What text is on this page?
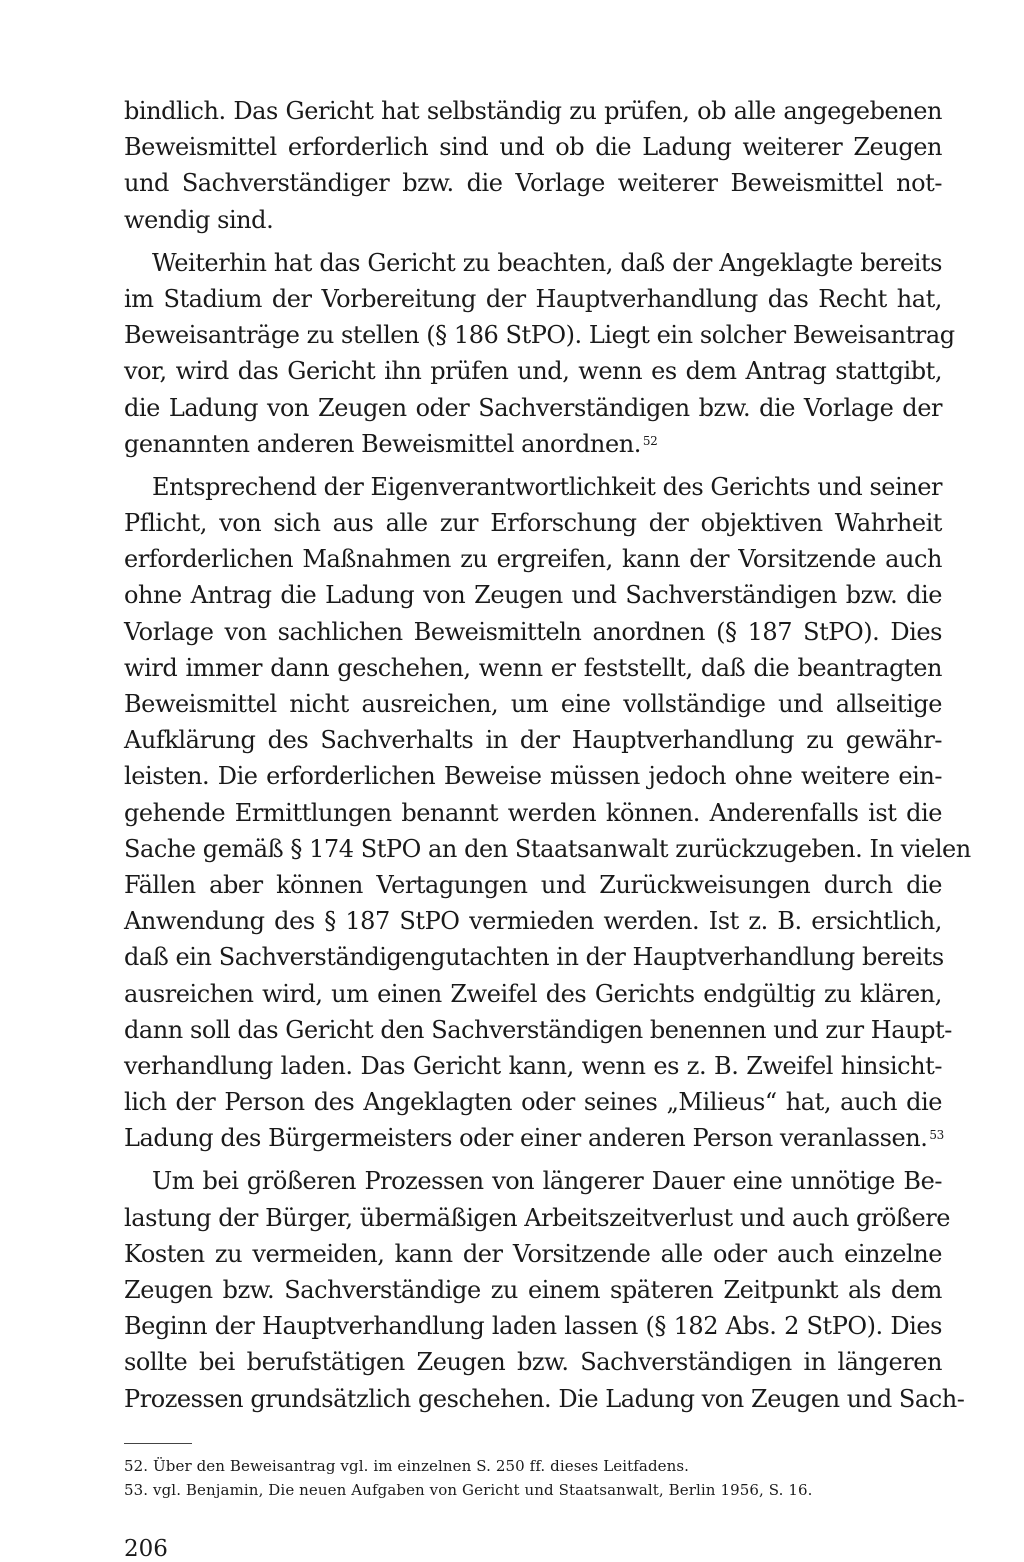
bindlich. Das Gericht hat selbständig zu prüfen, ob alle angegebenen
Beweismittel erforderlich sind und ob die Ladung weiterer Zeugen
und Sachverständiger bzw. die Vorlage weiterer Beweismittel not-
wendig sind.
Weiterhin hat das Gericht zu beachten, daß der Angeklagte bereits
im Stadium der Vorbereitung der Hauptverhandlung das Recht hat,
Beweisanträge zu stellen (§ 186 StPO). Liegt ein solcher Beweisantrag
vor, wird das Gericht ihn prüfen und, wenn es dem Antrag stattgibt,
die Ladung von Zeugen oder Sachverständigen bzw. die Vorlage der
genannten anderen Beweismittel anordnen. $^{52}$
Entsprechend der Eigenverantwortlichkeit des Gerichts und seiner
Pflicht, von sich aus alle zur Erforschung der objektiven Wahrheit
erforderlichen Maßnahmen zu ergreifen, kann der Vorsitzende auch
ohne Antrag die Ladung von Zeugen und Sachverständigen bzw. die
Vorlage von sachlichen Beweismitteln anordnen (§ 187 StPO). Dies
wird immer dann geschehen, wenn er feststellt, daß die beantragten
Beweismittel nicht ausreichen, um eine vollständige und allseitige
Aufklärung des Sachverhalts in der Hauptverhandlung zu gewähr-
leisten. Die erforderlichen Beweise müssen jedoch ohne weitere ein-
gehende Ermittlungen benannt werden können. Anderenfalls ist die
Sache gemäß § 174 StPO an den Staatsanwalt zurückzugeben. In vielen
Fällen aber können Vertagungen und Zurückweisungen durch die
Anwendung des § 187 StPO vermieden werden. Ist z. B. ersichtlich,
daß ein Sachverständigengutachten in der Hauptverhandlung bereits
ausreichen wird, um einen Zweifel des Gerichts endgültig zu klären,
dann soll das Gericht den Sachverständigen benennen und zur Haupt-
verhandlung laden. Das Gericht kann, wenn es z. B. Zweifel hinsicht-
lich der Person des Angeklagten oder seines „Milieus“ hat, auch die
Ladung des Bürgermeisters oder einer anderen Person veranlassen. $^{53}$
Um bei größeren Prozessen von längerer Dauer eine unnötige Be-
lastung der Bürger, übermäßigen Arbeitszeitverlust und auch größere
Kosten zu vermeiden, kann der Vorsitzende alle oder auch einzelne
Zeugen bzw. Sachverständige zu einem späteren Zeitpunkt als dem
Beginn der Hauptverhandlung laden lassen (§ 182 Abs. 2 StPO). Dies
sollte bei berufstätigen Zeugen bzw. Sachverständigen in längeren
Prozessen grundsätzlich geschehen. Die Ladung von Zeugen und Sach-
52. Über den Beweisantrag vgl. im einzelnen S. 250 ff. dieses Leitfadens.
53. vgl. Benjamin, Die neuen Aufgaben von Gericht und Staatsanwalt, Berlin 1956, S. 16.
206
